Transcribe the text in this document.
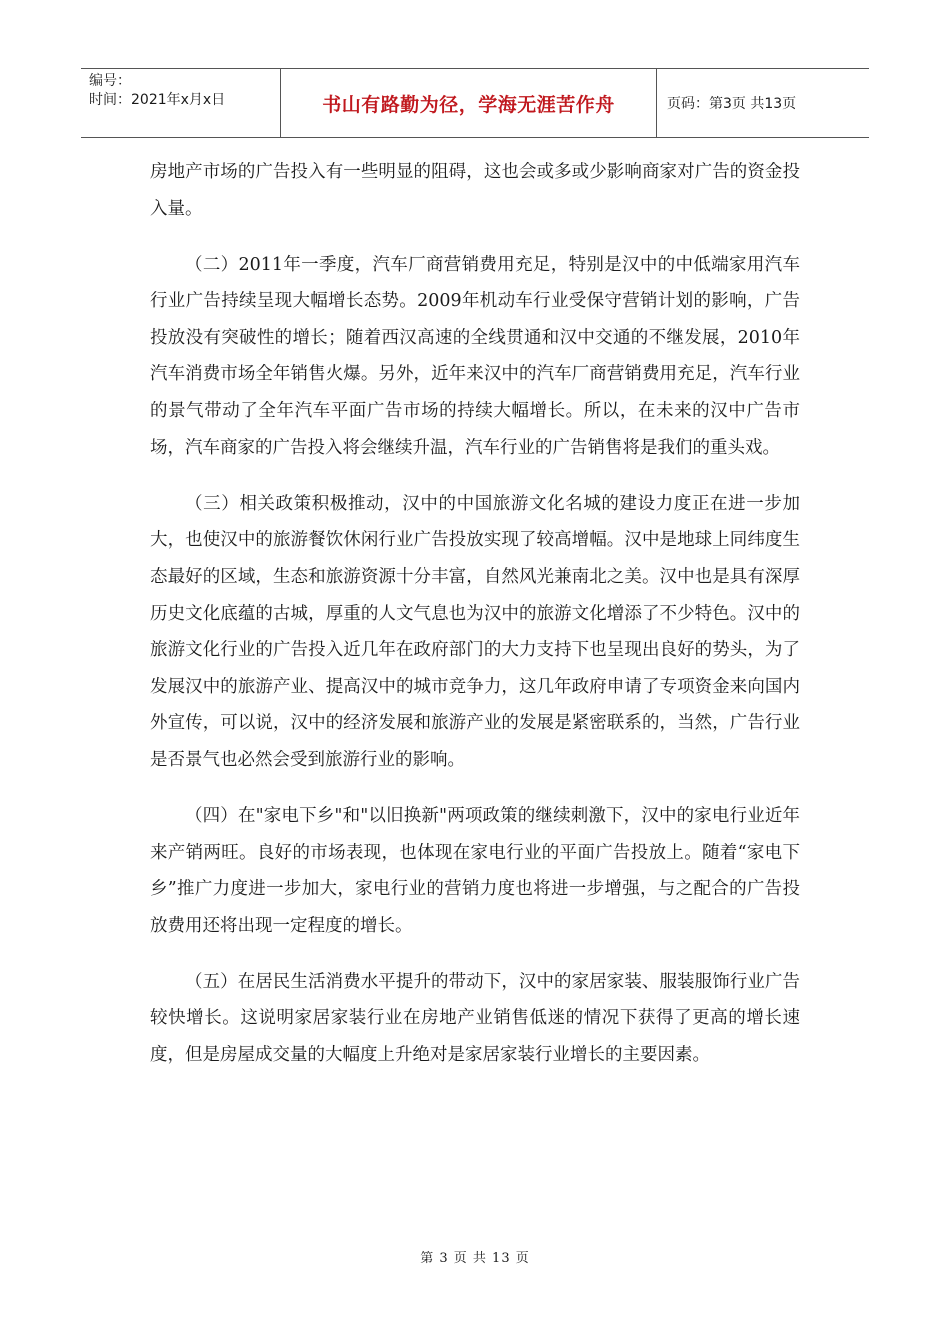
编号：
时间：2021年x月x日	书山有路勤为径，学海无涯苦作舟	页码：第3页 共13页

房地产市场的广告投入有一些明显的阻碍，这也会或多或少影响商家对广告的资金投入量。

（二）2011年一季度，汽车厂商营销费用充足，特别是汉中的中低端家用汽车行业广告持续呈现大幅增长态势。2009年机动车行业受保守营销计划的影响，广告投放没有突破性的增长；随着西汉高速的全线贯通和汉中交通的不继发展，2010年汽车消费市场全年销售火爆。另外，近年来汉中的汽车厂商营销费用充足，汽车行业的景气带动了全年汽车平面广告市场的持续大幅增长。所以，在未来的汉中广告市场，汽车商家的广告投入将会继续升温，汽车行业的广告销售将是我们的重头戏。

（三）相关政策积极推动，汉中的中国旅游文化名城的建设力度正在进一步加大，也使汉中的旅游餐饮休闲行业广告投放实现了较高增幅。汉中是地球上同纬度生态最好的区域，生态和旅游资源十分丰富，自然风光兼南北之美。汉中也是具有深厚历史文化底蕴的古城，厚重的人文气息也为汉中的旅游文化增添了不少特色。汉中的旅游文化行业的广告投入近几年在政府部门的大力支持下也呈现出良好的势头，为了发展汉中的旅游产业、提高汉中的城市竞争力，这几年政府申请了专项资金来向国内外宣传，可以说，汉中的经济发展和旅游产业的发展是紧密联系的，当然，广告行业是否景气也必然会受到旅游行业的影响。

（四）在"家电下乡"和"以旧换新"两项政策的继续刺激下，汉中的家电行业近年来产销两旺。良好的市场表现，也体现在家电行业的平面广告投放上。随着“家电下乡”推广力度进一步加大，家电行业的营销力度也将进一步增强，与之配合的广告投放费用还将出现一定程度的增长。

（五）在居民生活消费水平提升的带动下，汉中的家居家装、服装服饰行业广告较快增长。这说明家居家装行业在房地产业销售低迷的情况下获得了更高的增长速度，但是房屋成交量的大幅度上升绝对是家居家装行业增长的主要因素。

第 3 页 共 13 页
